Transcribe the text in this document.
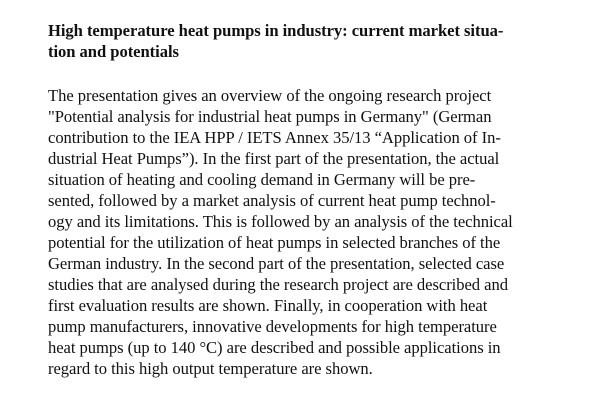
High temperature heat pumps in industry: current market situa-
tion and potentials

The presentation gives an overview of the ongoing research project
"Potential analysis for industrial heat pumps in Germany" (German
contribution to the IEA HPP / IETS Annex 35/13 “Application of In-
dustrial Heat Pumps”). In the first part of the presentation, the actual
situation of heating and cooling demand in Germany will be pre-
sented, followed by a market analysis of current heat pump technol-
ogy and its limitations. This is followed by an analysis of the technical
potential for the utilization of heat pumps in selected branches of the
German industry. In the second part of the presentation, selected case
studies that are analysed during the research project are described and
first evaluation results are shown. Finally, in cooperation with heat
pump manufacturers, innovative developments for high temperature
heat pumps (up to 140 °C) are described and possible applications in
regard to this high output temperature are shown.
